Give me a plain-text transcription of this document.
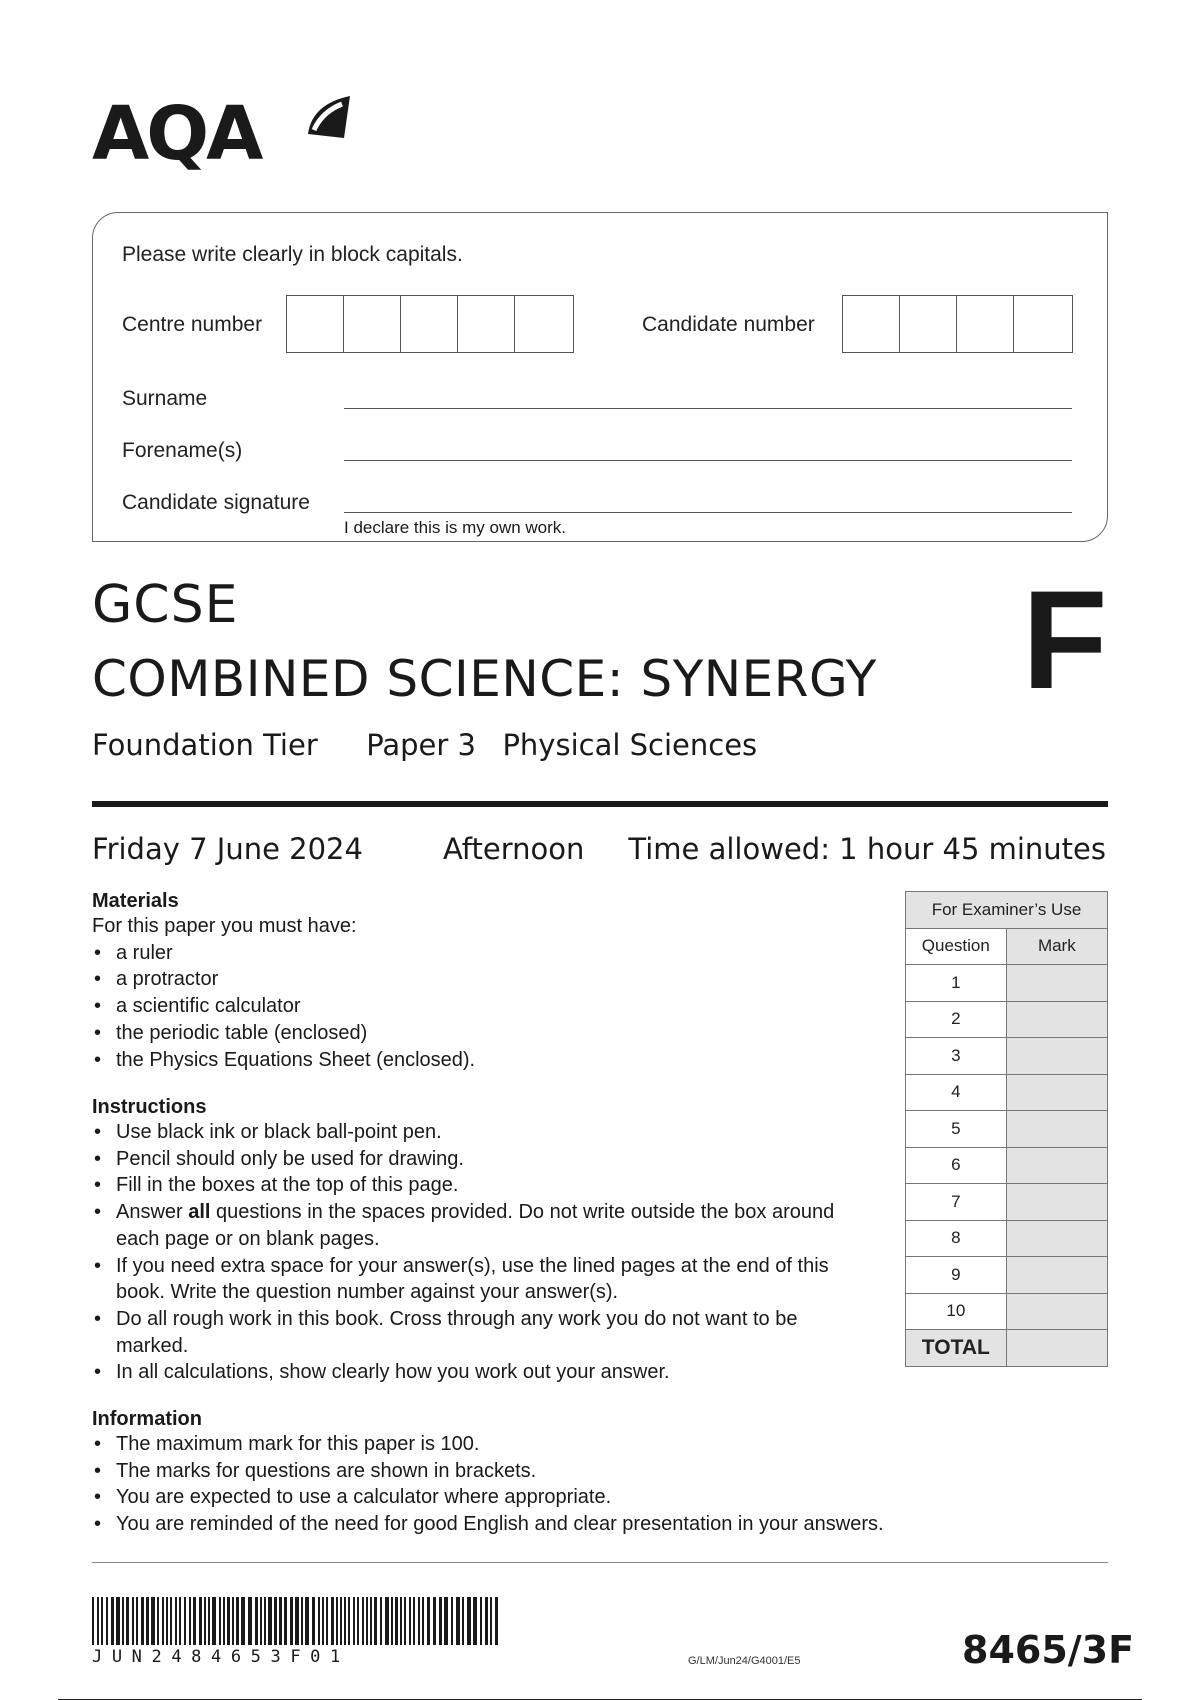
AQA
Please write clearly in block capitals.
Centre number	Candidate number
Surname
Forename(s)
Candidate signature
I declare this is my own work.
GCSE
COMBINED SCIENCE: SYNERGY
Foundation Tier Paper 3 Physical Sciences
F
Friday 7 June 2024	Afternoon Time allowed: 1 hour 45 minutes
Materials
For this paper you must have:
• a ruler
• a protractor
• a scientific calculator
• the periodic table (enclosed)
• the Physics Equations Sheet (enclosed).
Instructions
• Use black ink or black ball-point pen.
• Pencil should only be used for drawing.
• Fill in the boxes at the top of this page.
• Answer all questions in the spaces provided. Do not write outside the box around each page or on blank pages.
• If you need extra space for your answer(s), use the lined pages at the end of this book. Write the question number against your answer(s).
• Do all rough work in this book. Cross through any work you do not want to be marked.
• In all calculations, show clearly how you work out your answer.
Information
• The maximum mark for this paper is 100.
• The marks for questions are shown in brackets.
• You are expected to use a calculator where appropriate.
• You are reminded of the need for good English and clear presentation in your answers.
For Examiner’s Use	
Question	Mark
1	
2	
3	
4	
5	
6	
7	
8	
9	
10	
TOTAL	
JUN2484653F01	G/LM/Jun24/G4001/E5	8465/3F
